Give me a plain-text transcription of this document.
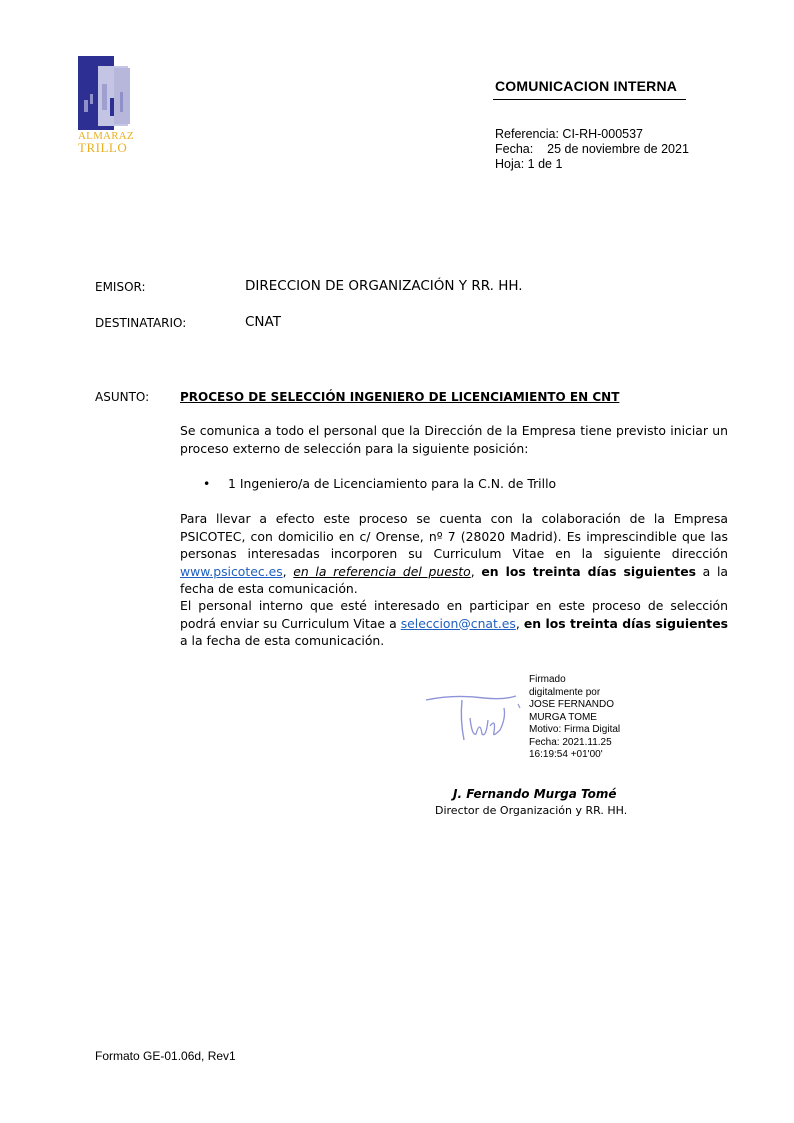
ALMARAZ
TRILLO
COMUNICACION INTERNA
Referencia: CI-RH-000537
Fecha: 25 de noviembre de 2021
Hoja: 1 de 1
EMISOR:	DIRECCION DE ORGANIZACIÓN Y RR. HH.
DESTINATARIO:	CNAT
ASUNTO:	PROCESO DE SELECCIÓN INGENIERO DE LICENCIAMIENTO EN CNT
Se comunica a todo el personal que la Dirección de la Empresa tiene previsto iniciar un proceso externo de selección para la siguiente posición:
• 1 Ingeniero/a de Licenciamiento para la C.N. de Trillo
Para llevar a efecto este proceso se cuenta con la colaboración de la Empresa PSICOTEC, con domicilio en c/ Orense, nº 7 (28020 Madrid). Es imprescindible que las personas interesadas incorporen su Curriculum Vitae en la siguiente dirección www.psicotec.es, en la referencia del puesto, en los treinta días siguientes a la fecha de esta comunicación.
El personal interno que esté interesado en participar en este proceso de selección podrá enviar su Curriculum Vitae a seleccion@cnat.es, en los treinta días siguientes a la fecha de esta comunicación.
Firmado
digitalmente por
JOSE FERNANDO
MURGA TOME
Motivo: Firma Digital
Fecha: 2021.11.25
16:19:54 +01'00'
J. Fernando Murga Tomé
Director de Organización y RR. HH.
Formato GE-01.06d, Rev1
